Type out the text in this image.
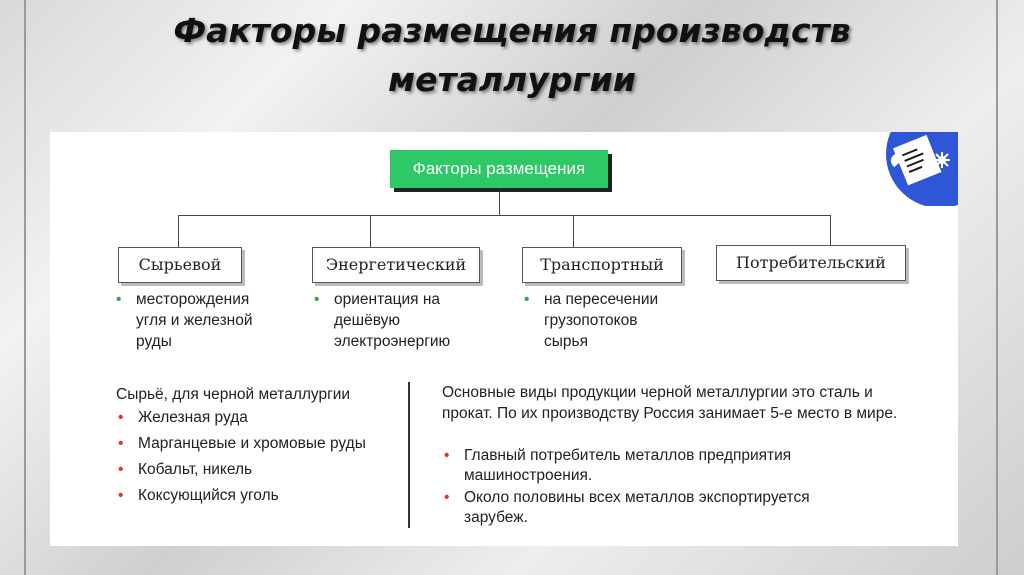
Факторы размещения производств
металлургии
Факторы размещения
Сырьевой	Энергетический	Транспортный	Потребительский
• месторождения угля и железной руды
• ориентация на дешёвую электроэнергию
• на пересечении грузопотоков сырья
Сырьё, для черной металлургии
• Железная руда
• Марганцевые и хромовые руды
• Кобальт, никель
• Коксующийся уголь
Основные виды продукции черной металлургии это сталь и прокат. По их производству Россия занимает 5-е место в мире.
• Главный потребитель металлов предприятия машиностроения.
• Около половины всех металлов экспортируется зарубеж.
